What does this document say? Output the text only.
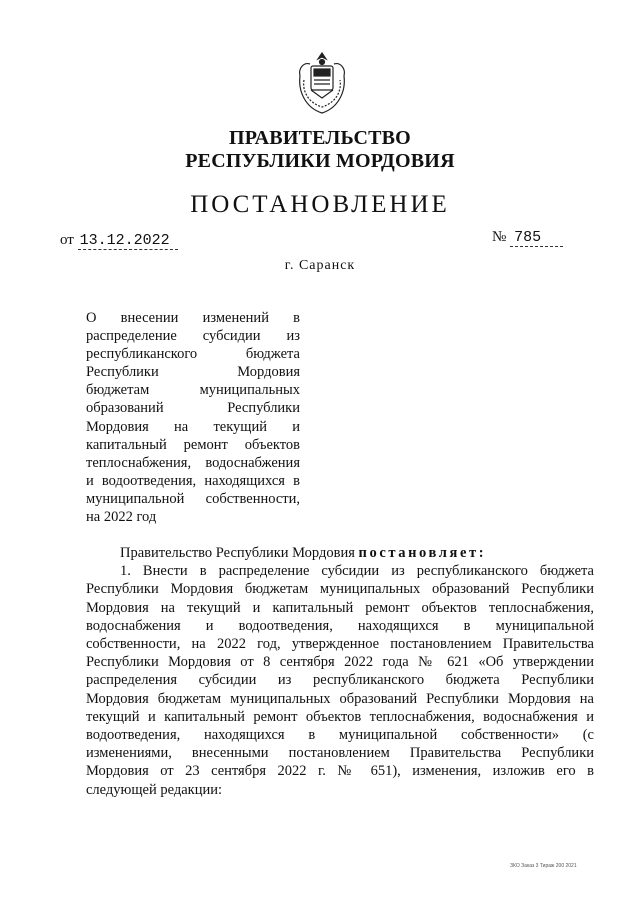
ПРАВИТЕЛЬСТВО
РЕСПУБЛИКИ МОРДОВИЯ
ПОСТАНОВЛЕНИЕ
от 13.12.2022	№ 785
г. Саранск
О внесении изменений в
распределение субсидии из
республиканского бюджета
Республики Мордовия
бюджетам муниципальных
образований Республики
Мордовия на текущий и
капитальный ремонт объектов
теплоснабжения, водоснабжения
и водоотведения, находящихся в
муниципальной собственности,
на 2022 год
Правительство Республики Мордовия постановляет:
1. Внести в распределение субсидии из республиканского бюджета
Республики Мордовия бюджетам муниципальных образований Республики
Мордовия на текущий и капитальный ремонт объектов теплоснабжения,
водоснабжения и водоотведения, находящихся в муниципальной
собственности, на 2022 год, утвержденное постановлением Правительства
Республики Мордовия от 8 сентября 2022 года № 621 «Об утверждении
распределения субсидии из республиканского бюджета Республики
Мордовия бюджетам муниципальных образований Республики Мордовия на
текущий и капитальный ремонт объектов теплоснабжения, водоснабжения и
водоотведения, находящихся в муниципальной собственности» (с
изменениями, внесенными постановлением Правительства Республики
Мордовия от 23 сентября 2022 г. № 651), изменения, изложив его в
следующей редакции:
ЗКО Заказ 3 Тираж 200 2021
